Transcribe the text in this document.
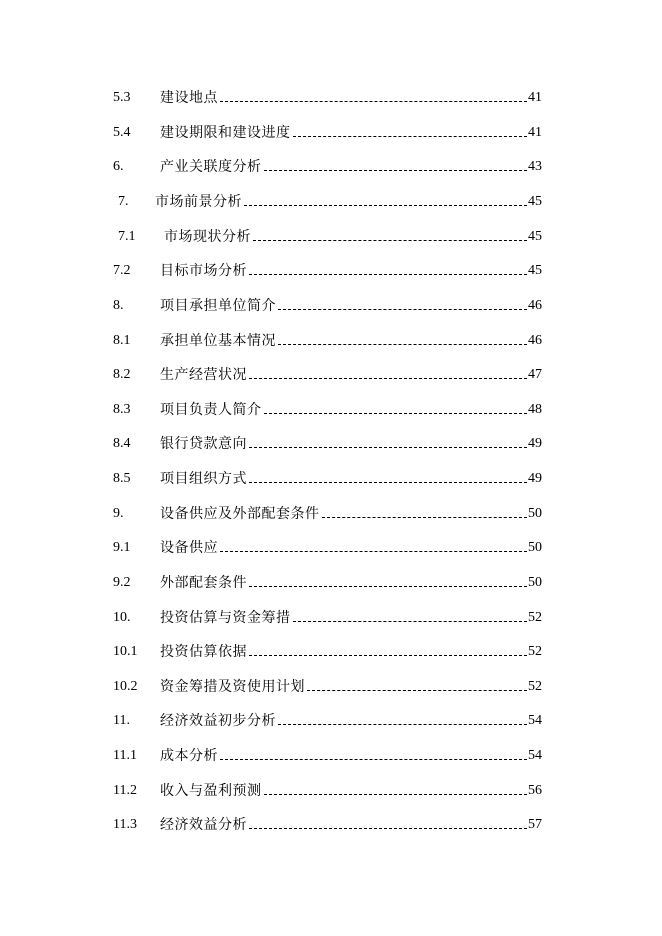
5.3 建设地点	41
5.4 建设期限和建设进度	41
6.	产业关联度分析	43
7. 市场前景分析	45
7.1 市场现状分析	45
7.2 目标市场分析	45
8.	项目承担单位简介	46
8.1 承担单位基本情况	46
8.2 生产经营状况	47
8.3 项目负责人简介	48
8.4 银行贷款意向	49
8.5 项目组织方式	49
9.	设备供应及外部配套条件	50
9.1 设备供应	50
9.2 外部配套条件	50
10. 投资估算与资金筹措	52
10.1 投资估算依据	52
10.2 资金筹措及资使用计划	52
11. 经济效益初步分析	54
11.1 成本分析	54
11.2 收入与盈利预测	56
11.3 经济效益分析	57
